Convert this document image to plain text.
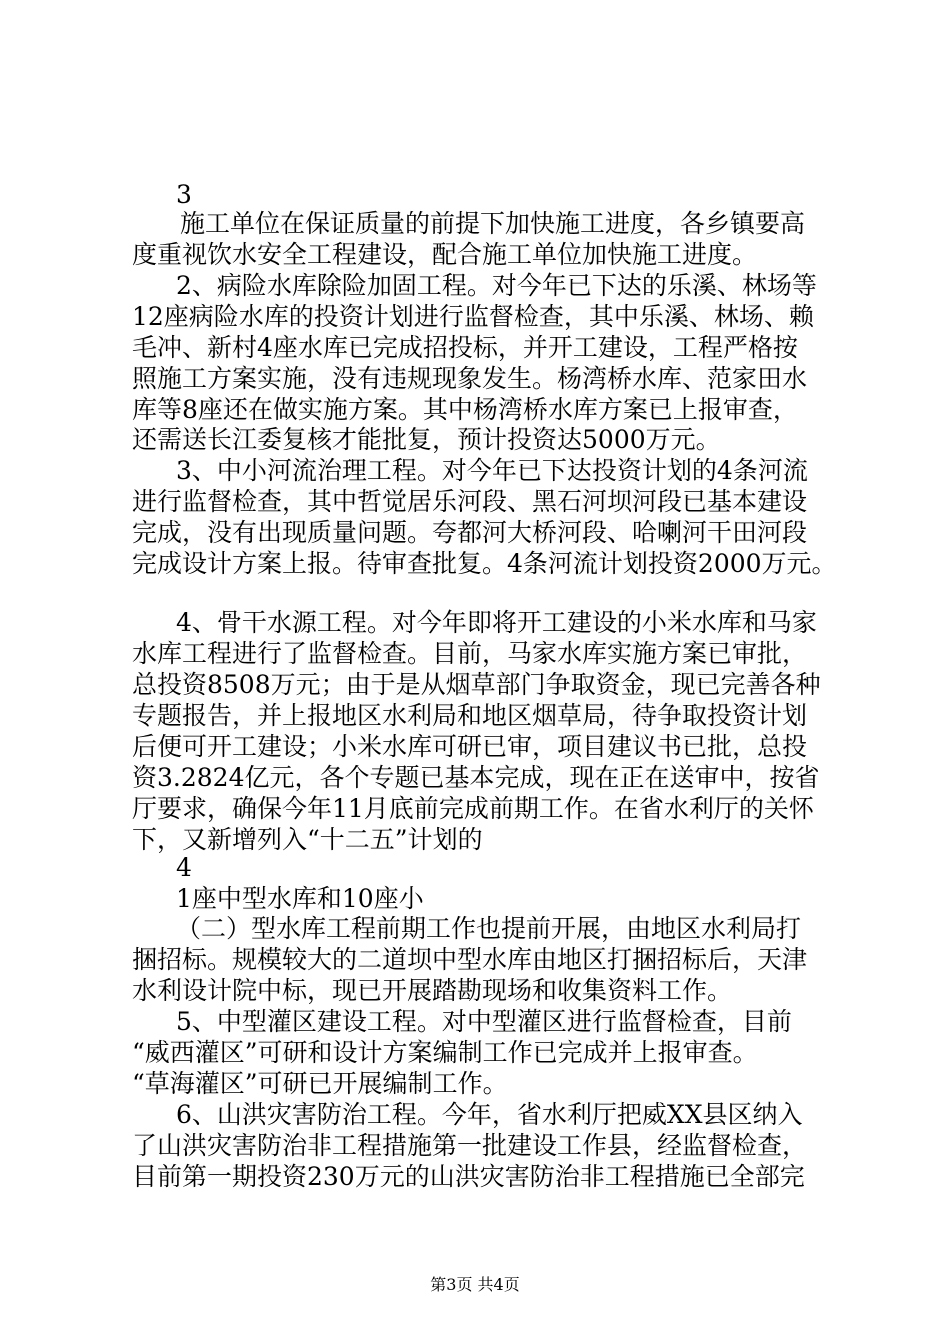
3
施工单位在保证质量的前提下加快施工进度，各乡镇要高
度重视饮水安全工程建设，配合施工单位加快施工进度。
2、病险水库除险加固工程。对今年已下达的乐溪、林场等
12座病险水库的投资计划进行监督检查，其中乐溪、林场、赖
毛冲、新村4座水库已完成招投标，并开工建设，工程严格按
照施工方案实施，没有违规现象发生。杨湾桥水库、范家田水
库等8座还在做实施方案。其中杨湾桥水库方案已上报审查，
还需送长江委复核才能批复，预计投资达5000万元。
3、中小河流治理工程。对今年已下达投资计划的4条河流
进行监督检查，其中哲觉居乐河段、黑石河坝河段已基本建设
完成，没有出现质量问题。夸都河大桥河段、哈喇河干田河段
完成设计方案上报。待审查批复。4条河流计划投资2000万元。
4、骨干水源工程。对今年即将开工建设的小米水库和马家
水库工程进行了监督检查。目前，马家水库实施方案已审批，
总投资8508万元；由于是从烟草部门争取资金，现已完善各种
专题报告，并上报地区水利局和地区烟草局，待争取投资计划
后便可开工建设；小米水库可研已审，项目建议书已批，总投
资3.2824亿元，各个专题已基本完成，现在正在送审中，按省
厅要求，确保今年11月底前完成前期工作。在省水利厅的关怀
下，又新增列入“十二五”计划的
4
1座中型水库和10座小
（二）型水库工程前期工作也提前开展，由地区水利局打
捆招标。规模较大的二道坝中型水库由地区打捆招标后，天津
水利设计院中标，现已开展踏勘现场和收集资料工作。
5、中型灌区建设工程。对中型灌区进行监督检查，目前
“威西灌区”可研和设计方案编制工作已完成并上报审查。
“草海灌区”可研已开展编制工作。
6、山洪灾害防治工程。今年，省水利厅把威XX县区纳入
了山洪灾害防治非工程措施第一批建设工作县，经监督检查，
目前第一期投资230万元的山洪灾害防治非工程措施已全部完
第3页 共4页
